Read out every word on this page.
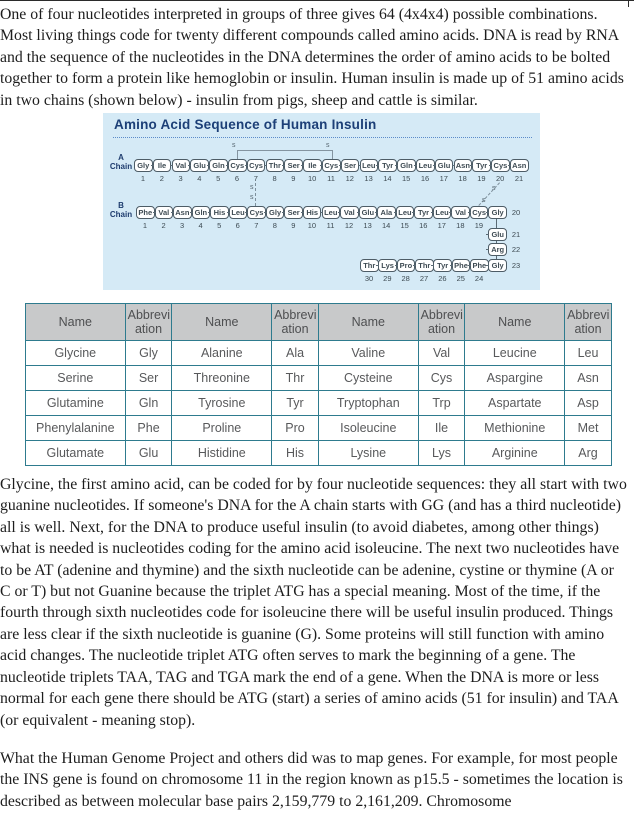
One of four nucleotides interpreted in groups of three gives 64 (4x4x4) possible combinations. Most living things code for twenty different compounds called amino acids. DNA is read by RNA and the sequence of the nucleotides in the DNA determines the order of amino acids to be bolted together to form a protein like hemoglobin or insulin. Human insulin is made up of 51 amino acids in two chains (shown below) - insulin from pigs, sheep and cattle is similar.

Amino Acid Sequence of Human Insulin
A
Chain
B
Chain
Gly	Ile	Val Glu Gln Cys Cys Thr Ser	Ile	Cys Ser Leu Tyr Gln Leu Glu Asn Tyr Cys Asn
1	2	3	4	5	6	7	8	9	10	11	12	13	14	15	16	17	18	19	20	21
Phe Val Asn Gln His Leu Cys Gly Ser His Leu Val Glu Ala Leu Tyr Leu Val Cys Gly
1	2	3	4	5	6	7	8	9	10	11	12	13	14	15	16	17	18	19
20
Glu	21
Arg	22
Thr Lys Pro Thr Tyr Phe Phe Gly
30	29	28	27	26	25	24
23
s	s
s
s
s
s
Name	Abbrevi​ation	Name	Abbrevi​ation	Name	Abbrevi​ation	Name	Abbrevi​ation
Glycine	Gly	Alanine	Ala	Valine	Val	Leucine	Leu
Serine	Ser	Threonine	Thr	Cysteine	Cys	Aspargine	Asn
Glutamine	Gln	Tyrosine	Tyr	Tryptophan	Trp	Aspartate	Asp
Phenylalanine	Phe	Proline	Pro	Isoleucine	Ile	Methionine	Met
Glutamate	Glu	Histidine	His	Lysine	Lys	Arginine	Arg

Glycine, the first amino acid, can be coded for by four nucleotide sequences: they all start with two guanine nucleotides. If someone's DNA for the A chain starts with GG (and has a third nucleotide) all is well. Next, for the DNA to produce useful insulin (to avoid diabetes, among other things) what is needed is nucleotides coding for the amino acid isoleucine. The next two nucleotides have to be AT (adenine and thymine) and the sixth nucleotide can be adenine, cystine or thymine (A or C or T) but not Guanine because the triplet ATG has a special meaning. Most of the time, if the fourth through sixth nucleotides code for isoleucine there will be useful insulin produced. Things are less clear if the sixth nucleotide is guanine (G). Some proteins will still function with amino acid changes. The nucleotide triplet ATG often serves to mark the beginning of a gene. The nucleotide triplets TAA, TAG and TGA mark the end of a gene. When the DNA is more or less normal for each gene there should be ATG (start) a series of amino acids (51 for insulin) and TAA (or equivalent - meaning stop).

What the Human Genome Project and others did was to map genes. For example, for most people the INS gene is found on chromosome 11 in the region known as p15.5 - sometimes the location is described as between molecular base pairs 2,159,779 to 2,161,209. Chromosome
